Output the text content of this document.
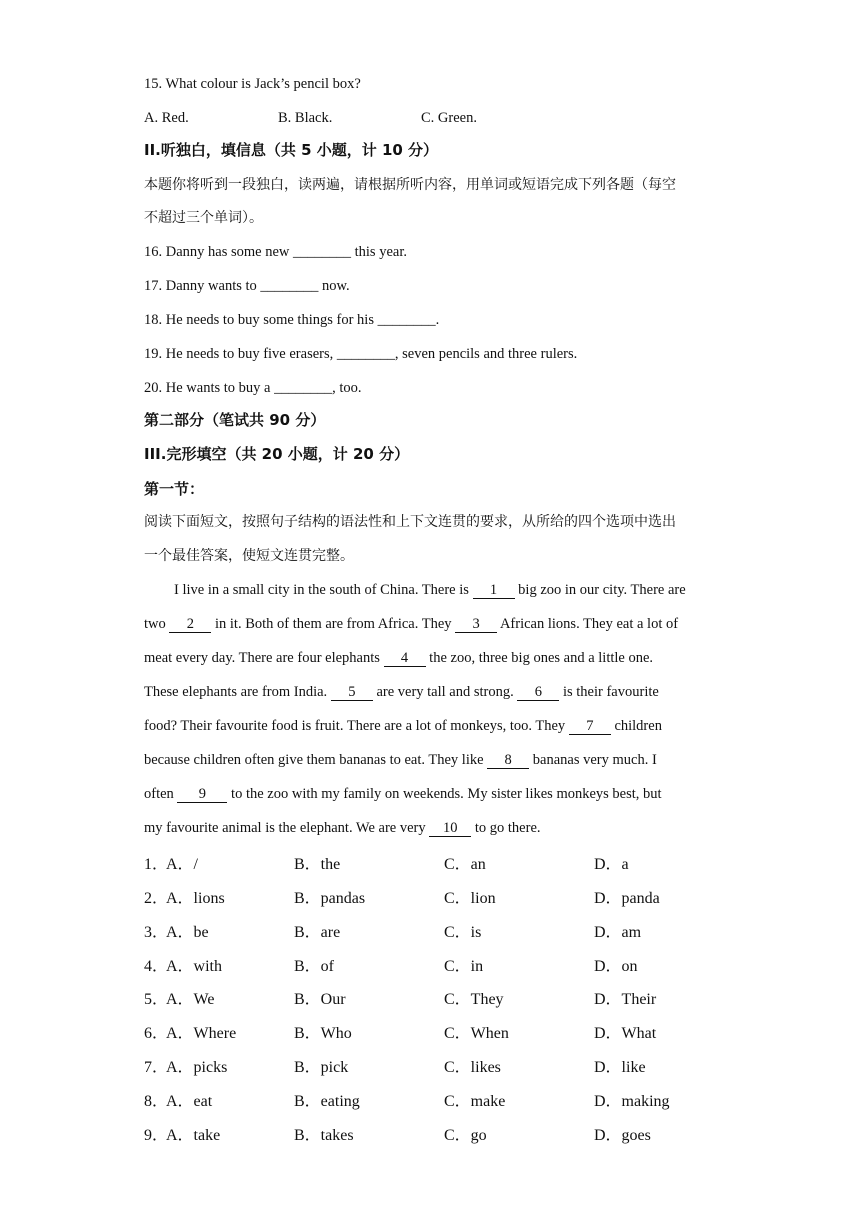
15. What colour is Jack’s pencil box?
A. Red.	B. Black.	C. Green.
II.听独白，填信息（共 5 小题，计 10 分）
本题你将听到一段独白，读两遍，请根据所听内容，用单词或短语完成下列各题（每空
不超过三个单词）。
16. Danny has some new ________ this year.
17. Danny wants to ________ now.
18. He needs to buy some things for his ________.
19. He needs to buy five erasers, ________, seven pencils and three rulers.
20. He wants to buy a ________, too.
第二部分（笔试共 90 分）
III.完形填空（共 20 小题，计 20 分）
第一节：
阅读下面短文，按照句子结构的语法性和上下文连贯的要求，从所给的四个选项中选出
一个最佳答案，使短文连贯完整。
I live in a small city in the south of China. There is 1 big zoo in our city. There are
two 2 in it. Both of them are from Africa. They 3 African lions. They eat a lot of
meat every day. There are four elephants 4 the zoo, three big ones and a little one.
These elephants are from India. 5 are very tall and strong. 6 is their favourite
food? Their favourite food is fruit. There are a lot of monkeys, too. They 7 children
because children often give them bananas to eat. They like 8 bananas very much. I
often 9 to the zoo with my family on weekends. My sister likes monkeys best, but
my favourite animal is the elephant. We are very 10 to go there.
1．
A．/	B．the	C．an	D．a
2．
A．lions	B．pandas	C．lion	D．panda
3．
A．be	B．are	C．is	D．am
4．
A．with	B．of	C．in	D．on
5．
A．We	B．Our	C．They	D．Their
6．
A．Where	B．Who	C．When	D．What
7．
A．picks	B．pick	C．likes	D．like
8．
A．eat	B．eating	C．make	D．making
9．
A．take	B．takes	C．go	D．goes
